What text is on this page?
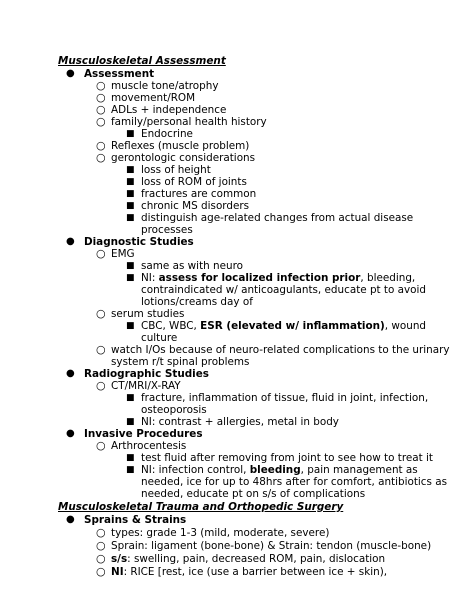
Musculoskeletal Assessment
● Assessment
○ muscle tone/atrophy
○ movement/ROM
○ ADLs + independence
○ family/personal health history
■ Endocrine
○ Reflexes (muscle problem)
○ gerontologic considerations
■ loss of height
■ loss of ROM of joints
■ fractures are common
■ chronic MS disorders
■ distinguish age-related changes from actual disease
processes
● Diagnostic Studies
○ EMG
■ same as with neuro
■ NI: assess for localized infection prior, bleeding,
contraindicated w/ anticoagulants, educate pt to avoid
lotions/creams day of
○ serum studies
■ CBC, WBC, ESR (elevated w/ inflammation), wound
culture
○ watch I/Os because of neuro-related complications to the urinary
system r/t spinal problems
● Radiographic Studies
○ CT/MRI/X-RAY
■ fracture, inflammation of tissue, fluid in joint, infection,
osteoporosis
■ NI: contrast + allergies, metal in body
● Invasive Procedures
○ Arthrocentesis
■ test fluid after removing from joint to see how to treat it
■ NI: infection control, bleeding, pain management as
needed, ice for up to 48hrs after for comfort, antibiotics as
needed, educate pt on s/s of complications
Musculoskeletal Trauma and Orthopedic Surgery
● Sprains & Strains
○ types: grade 1-3 (mild, moderate, severe)
○ Sprain: ligament (bone-bone) & Strain: tendon (muscle-bone)
○ s/s: swelling, pain, decreased ROM, pain, dislocation
○ NI: RICE [rest, ice (use a barrier between ice + skin),
